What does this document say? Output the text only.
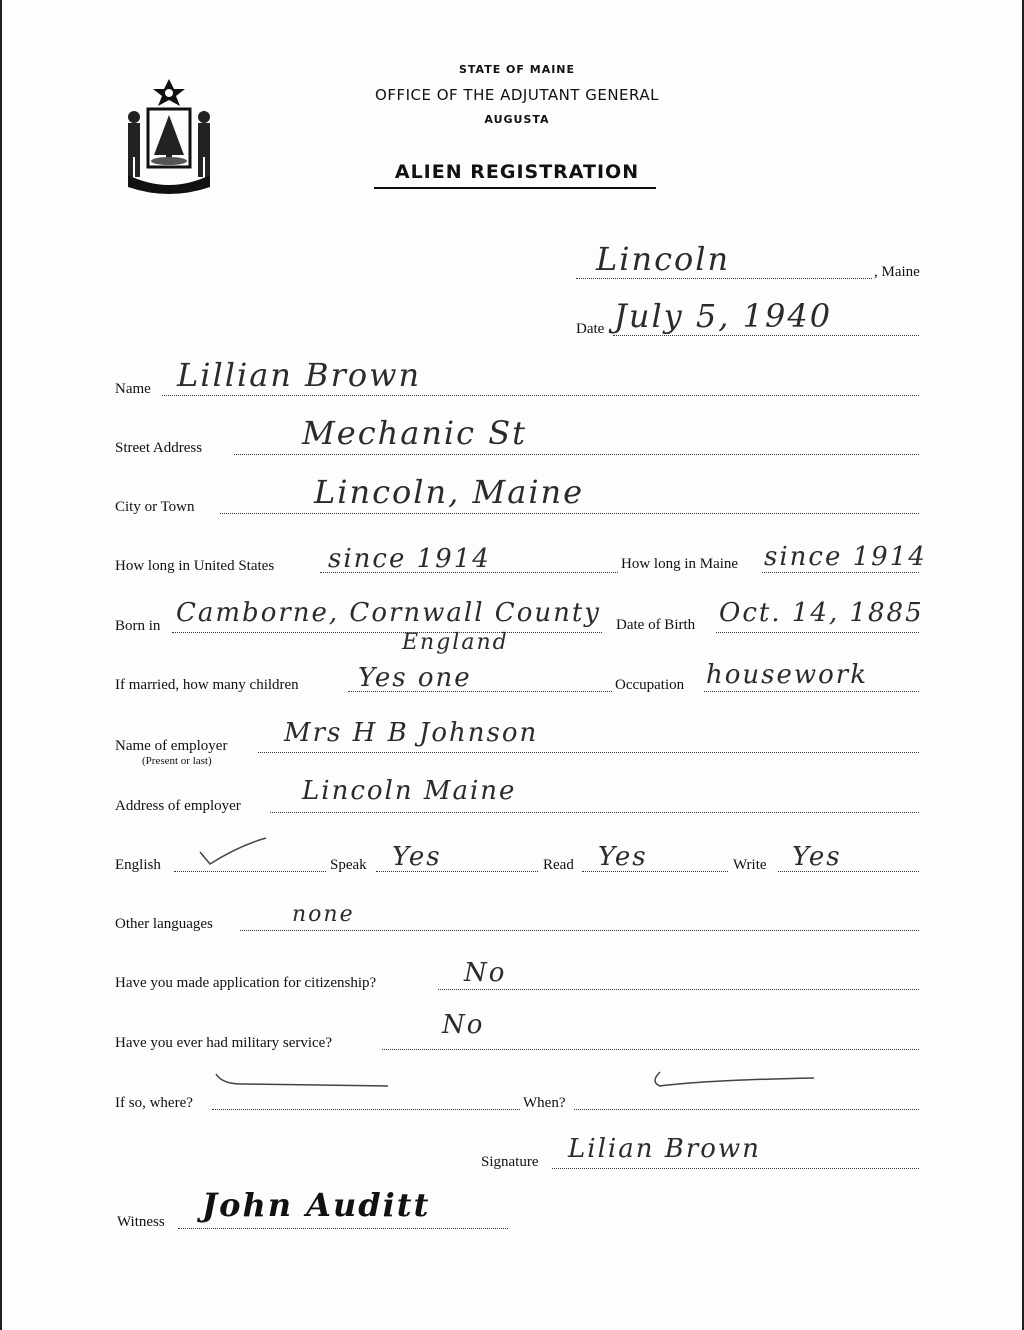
STATE OF MAINE
OFFICE OF THE ADJUTANT GENERAL
AUGUSTA
ALIEN REGISTRATION
Lincoln	, Maine
Date July 5, 1940
Name Lillian Brown
Street Address	Mechanic St
City or Town	Lincoln, Maine
How long in United States since 1914	How long in Maine since 1914
Born in Camborne, Cornwall County
England
Date of Birth Oct. 14, 1885
If married, how many children Yes one	Occupation housework
Name of employer
(Present or last)
Mrs H B Johnson
Address of employer Lincoln Maine
English	Speak Yes	Read Yes	Write Yes
Other languages	none
Have you made application for citizenship?	No
Have you ever had military service?
No
If so, where?	When?
Signature Lilian Brown
Witness John Auditt
